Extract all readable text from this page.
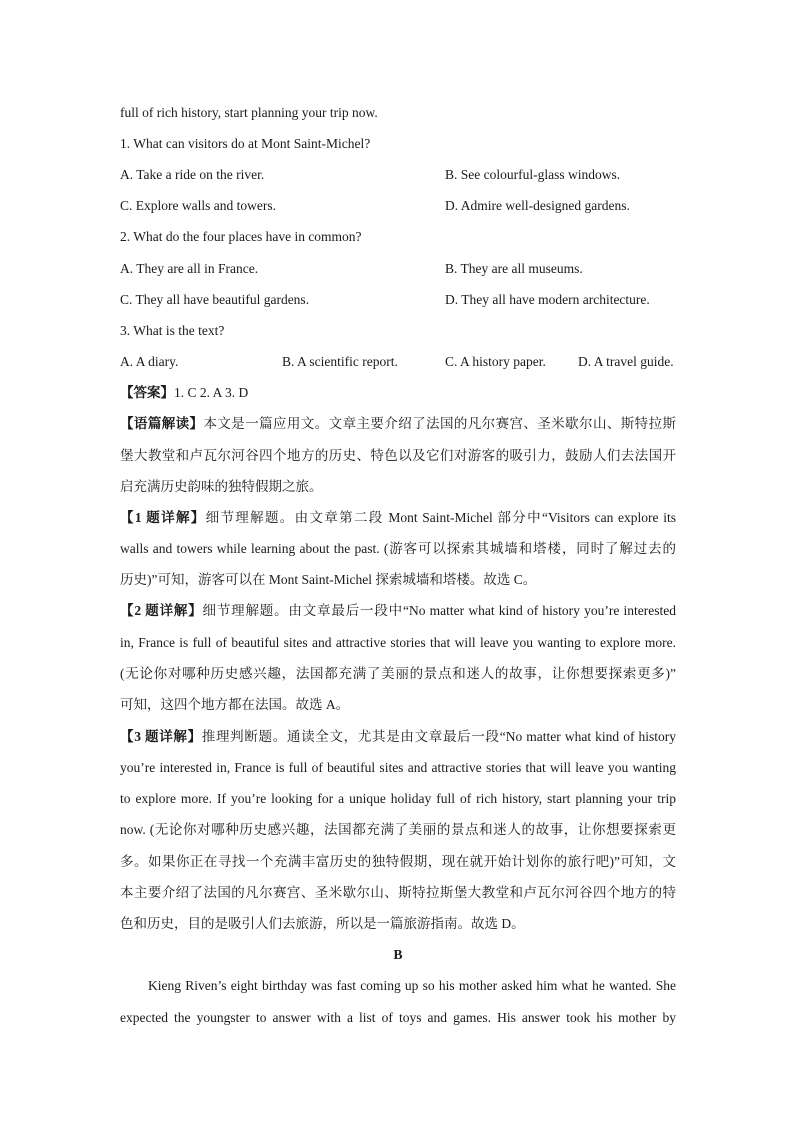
full of rich history, start planning your trip now.
1. What can visitors do at Mont Saint-Michel?
A. Take a ride on the river.	B. See colourful-glass windows.
C. Explore walls and towers.	D. Admire well-designed gardens.
2. What do the four places have in common?
A. They are all in France.	B. They are all museums.
C. They all have beautiful gardens.	D. They all have modern architecture.
3. What is the text?
A. A diary.	B. A scientific report.	C. A history paper. D. A travel guide.
【答案】1. C 2. A 3. D
【语篇解读】本文是一篇应用文。文章主要介绍了法国的凡尔赛宫、圣米歇尔山、斯特拉斯
堡大教堂和卢瓦尔河谷四个地方的历史、特色以及它们对游客的吸引力，鼓励人们去法国开
启充满历史韵味的独特假期之旅。
【1 题详解】细节理解题。由文章第二段 Mont Saint-Michel 部分中“Visitors can explore its
walls and towers while learning about the past. (游客可以探索其城墙和塔楼，同时了解过去的
历史)”可知，游客可以在 Mont Saint-Michel 探索城墙和塔楼。故选 C。
【2 题详解】细节理解题。由文章最后一段中“No matter what kind of history you’re interested
in, France is full of beautiful sites and attractive stories that will leave you wanting to explore more.
(无论你对哪种历史感兴趣，法国都充满了美丽的景点和迷人的故事，让你想要探索更多)”
可知，这四个地方都在法国。故选 A。
【3 题详解】推理判断题。通读全文，尤其是由文章最后一段“No matter what kind of history
you’re interested in, France is full of beautiful sites and attractive stories that will leave you wanting
to explore more. If you’re looking for a unique holiday full of rich history, start planning your trip
now. (无论你对哪种历史感兴趣，法国都充满了美丽的景点和迷人的故事，让你想要探索更
多。如果你正在寻找一个充满丰富历史的独特假期，现在就开始计划你的旅行吧)”可知，文
本主要介绍了法国的凡尔赛宫、圣米歇尔山、斯特拉斯堡大教堂和卢瓦尔河谷四个地方的特
色和历史，目的是吸引人们去旅游，所以是一篇旅游指南。故选 D。
B
Kieng Riven’s eight birthday was fast coming up so his mother asked him what he wanted. She
expected the youngster to answer with a list of toys and games. His answer took his mother by
